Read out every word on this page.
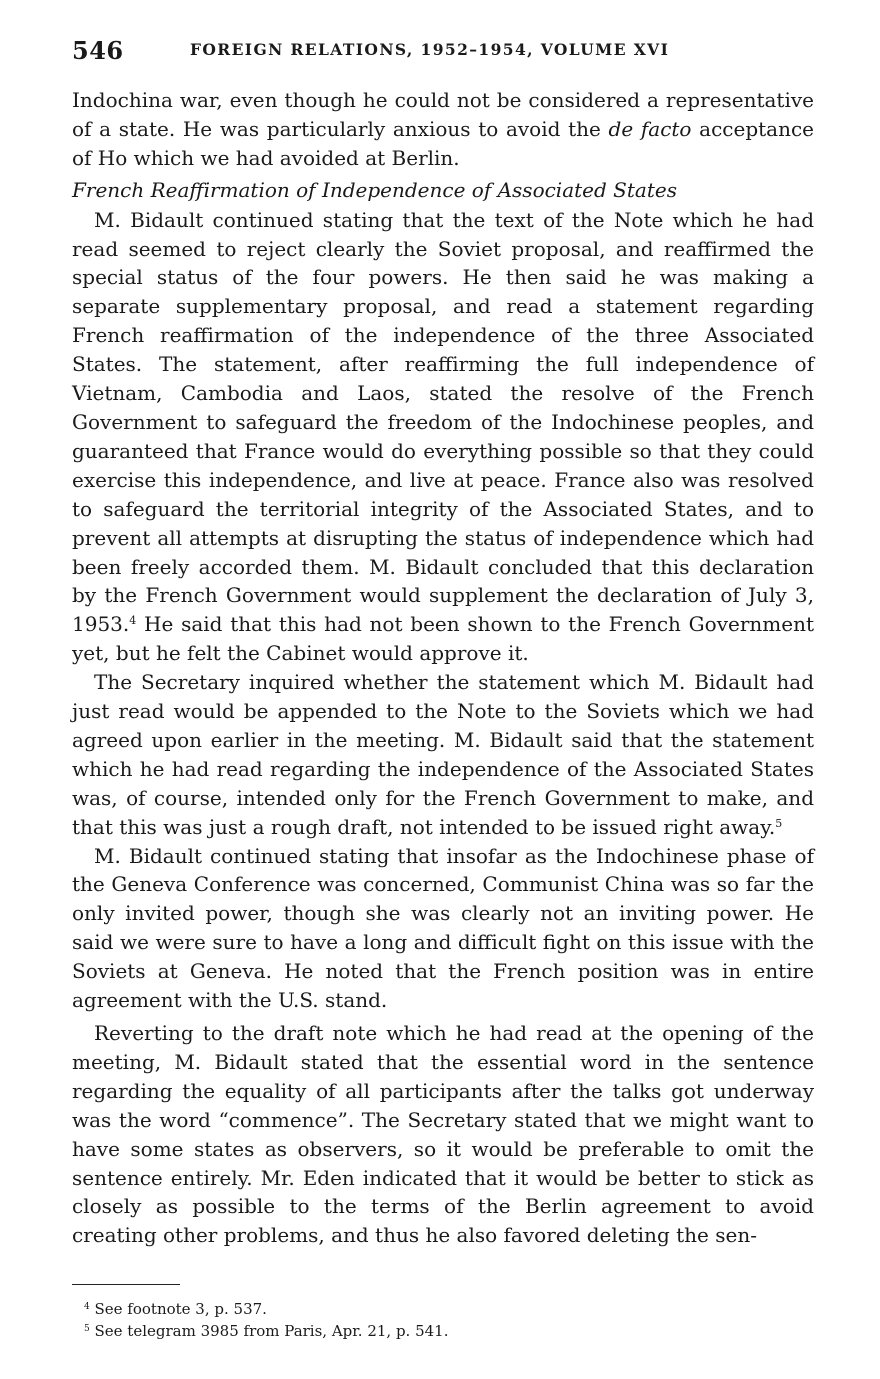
546	FOREIGN RELATIONS, 1952–1954, VOLUME XVI

Indochina war, even though he could not be considered a representative of a state. He was particularly anxious to avoid the de facto acceptance of Ho which we had avoided at Berlin.

French Reaffirmation of Independence of Associated States

M. Bidault continued stating that the text of the Note which he had read seemed to reject clearly the Soviet proposal, and reaffirmed the special status of the four powers. He then said he was making a separate supplementary proposal, and read a statement regarding French reaffirmation of the independence of the three Associated States. The statement, after reaffirming the full independence of Vietnam, Cambodia and Laos, stated the resolve of the French Government to safeguard the freedom of the Indochinese peoples, and guaranteed that France would do everything possible so that they could exercise this independence, and live at peace. France also was resolved to safeguard the territorial integrity of the Associated States, and to prevent all attempts at disrupting the status of independence which had been freely accorded them. M. Bidault concluded that this declaration by the French Government would supplement the declaration of July 3, 1953.$^4$ He said that this had not been shown to the French Government yet, but he felt the Cabinet would approve it.

The Secretary inquired whether the statement which M. Bidault had just read would be appended to the Note to the Soviets which we had agreed upon earlier in the meeting. M. Bidault said that the statement which he had read regarding the independence of the Associated States was, of course, intended only for the French Government to make, and that this was just a rough draft, not intended to be issued right away.$^5$

M. Bidault continued stating that insofar as the Indochinese phase of the Geneva Conference was concerned, Communist China was so far the only invited power, though she was clearly not an inviting power. He said we were sure to have a long and difficult fight on this issue with the Soviets at Geneva. He noted that the French position was in entire agreement with the U.S. stand.

Reverting to the draft note which he had read at the opening of the meeting, M. Bidault stated that the essential word in the sentence regarding the equality of all participants after the talks got underway was the word “commence”. The Secretary stated that we might want to have some states as observers, so it would be preferable to omit the sentence entirely. Mr. Eden indicated that it would be better to stick as closely as possible to the terms of the Berlin agreement to avoid creating other problems, and thus he also favored deleting the sen-

$^4$ See footnote 3, p. 537.

$^5$ See telegram 3985 from Paris, Apr. 21, p. 541.
